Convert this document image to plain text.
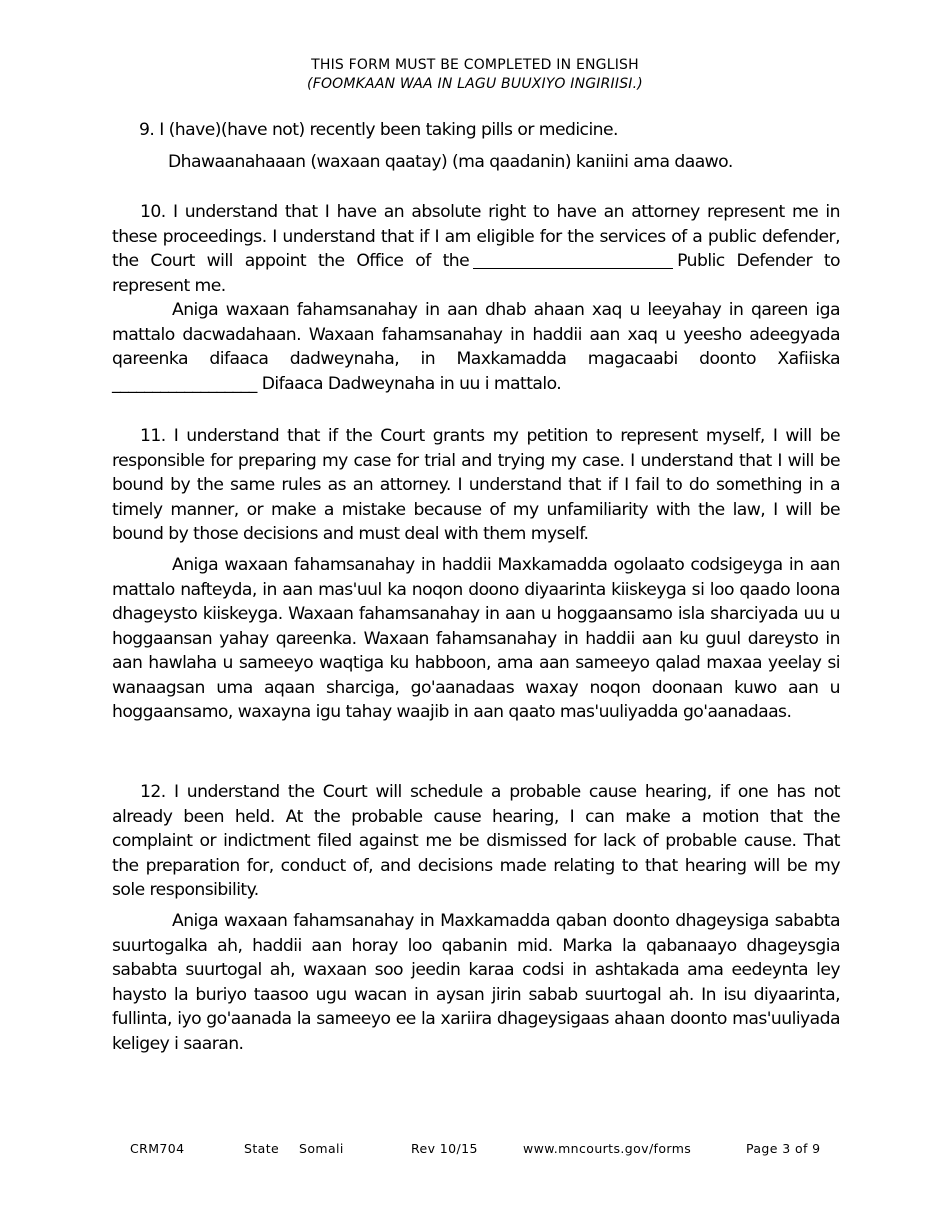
THIS FORM MUST BE COMPLETED IN ENGLISH
(FOOMKAAN WAA IN LAGU BUUXIYO INGIRIISI.)
9. I (have)(have not) recently been taking pills or medicine.
Dhawaanahaaan (waxaan qaatay) (ma qaadanin) kaniini ama daawo.
10. I understand that I have an absolute right to have an attorney represent me in these proceedings. I understand that if I am eligible for the services of a public defender, the Court will appoint the Office of the	Public Defender to represent me.
Aniga waxaan fahamsanahay in aan dhab ahaan xaq u leeyahay in qareen iga mattalo dacwadahaan. Waxaan fahamsanahay in haddii aan xaq u yeesho adeegyada qareenka difaaca dadweynaha, in Maxkamadda magacaabi doonto Xafiiska __________________ Difaaca Dadweynaha in uu i mattalo.
11. I understand that if the Court grants my petition to represent myself, I will be responsible for preparing my case for trial and trying my case. I understand that I will be bound by the same rules as an attorney. I understand that if I fail to do something in a timely manner, or make a mistake because of my unfamiliarity with the law, I will be bound by those decisions and must deal with them myself.
Aniga waxaan fahamsanahay in haddii Maxkamadda ogolaato codsigeyga in aan mattalo nafteyda, in aan mas'uul ka noqon doono diyaarinta kiiskeyga si loo qaado loona dhageysto kiiskeyga. Waxaan fahamsanahay in aan u hoggaansamo isla sharciyada uu u hoggaansan yahay qareenka. Waxaan fahamsanahay in haddii aan ku guul dareysto in aan hawlaha u sameeyo waqtiga ku habboon, ama aan sameeyo qalad maxaa yeelay si wanaagsan uma aqaan sharciga, go'aanadaas waxay noqon doonaan kuwo aan u hoggaansamo, waxayna igu tahay waajib in aan qaato mas'uuliyadda go'aanadaas.
12. I understand the Court will schedule a probable cause hearing, if one has not already been held. At the probable cause hearing, I can make a motion that the complaint or indictment filed against me be dismissed for lack of probable cause. That the preparation for, conduct of, and decisions made relating to that hearing will be my sole responsibility.
Aniga waxaan fahamsanahay in Maxkamadda qaban doonto dhageysiga sababta suurtogalka ah, haddii aan horay loo qabanin mid. Marka la qabanaayo dhageysgia sababta suurtogal ah, waxaan soo jeedin karaa codsi in ashtakada ama eedeynta ley haysto la buriyo taasoo ugu wacan in aysan jirin sabab suurtogal ah. In isu diyaarinta, fullinta, iyo go'aanada la sameeyo ee la xariira dhageysigaas ahaan doonto mas'uuliyada keligey i saaran.
CRM704	State Somali	Rev 10/15	www.mncourts.gov/forms	Page 3 of 9
